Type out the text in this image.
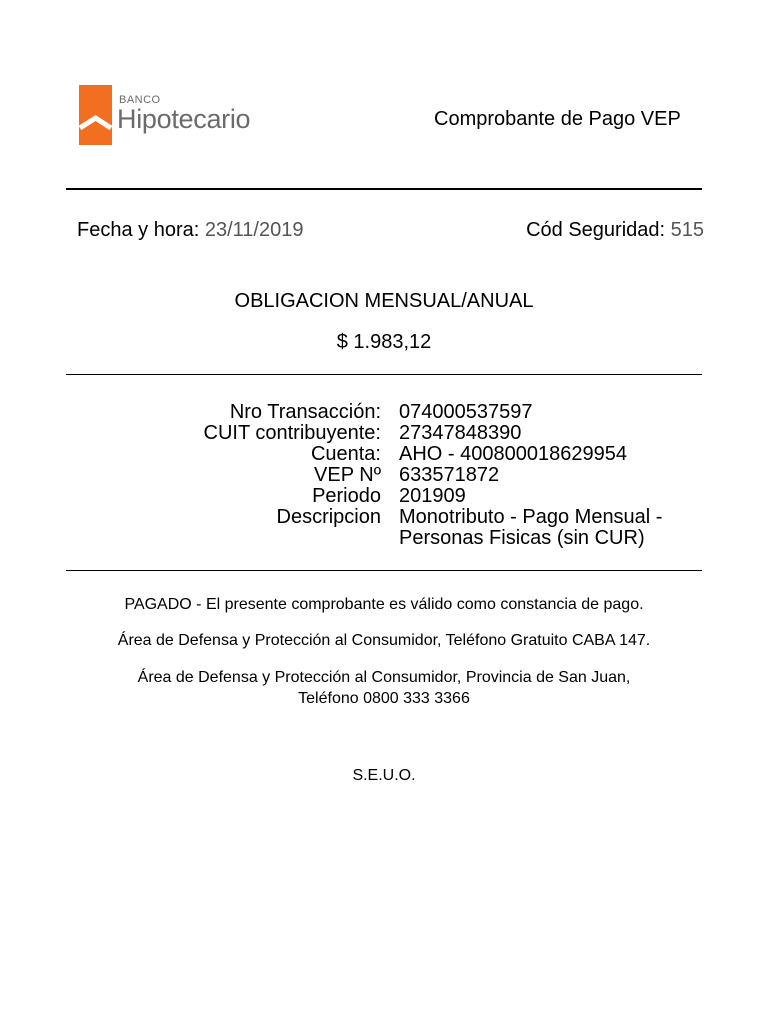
BANCO
Hipotecario	Comprobante de Pago VEP
Fecha y hora: 23/11/2019	Cód Seguridad: 515
OBLIGACION MENSUAL/ANUAL
$ 1.983,12
Nro Transacción: 074000537597
CUIT contribuyente: 27347848390
Cuenta: AHO - 400800018629954
VEP Nº 633571872
Periodo 201909
Descripcion Monotributo - Pago Mensual -
Personas Fisicas (sin CUR)
PAGADO - El presente comprobante es válido como constancia de pago.
Área de Defensa y Protección al Consumidor, Teléfono Gratuito CABA 147.
Área de Defensa y Protección al Consumidor, Provincia de San Juan,
Teléfono 0800 333 3366
S.E.U.O.
